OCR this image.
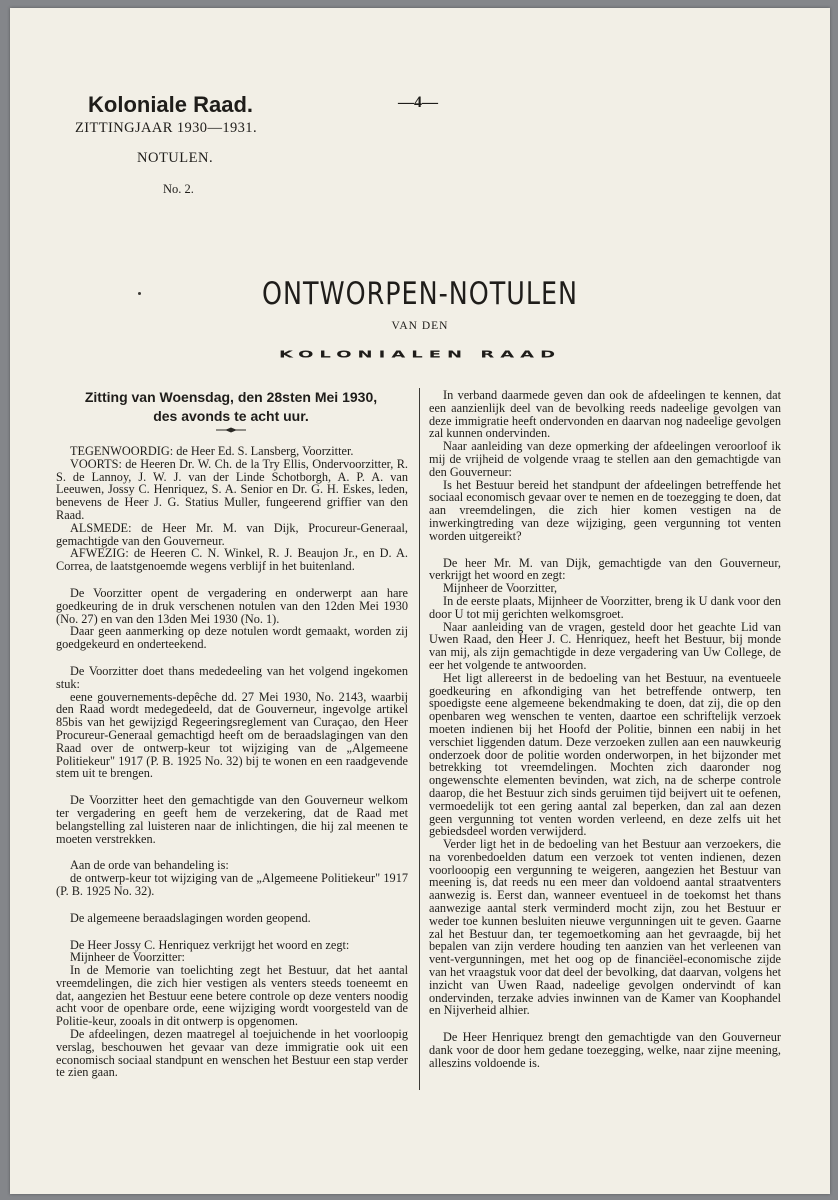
Koloniale Raad.
ZITTINGJAAR 1930—1931.
—4—
NOTULEN.
No. 2.
ONTWORPEN-NOTULEN
VAN DEN
KOLONIALEN RAAD
Zitting van Woensdag, den 28sten Mei 1930,
des avonds te acht uur.

TEGENWOORDIG: de Heer Ed. S. Lansberg, Voorzitter.

VOORTS: de Heeren Dr. W. Ch. de la Try Ellis, Ondervoorzitter, R. S. de Lannoy, J. W. J. van der Linde Schotborgh, A. P. A. van Leeuwen, Jossy C. Henriquez, S. A. Senior en Dr. G. H. Eskes, leden, benevens de Heer J. G. Statius Muller, fungeerend griffier van den Raad.

ALSMEDE: de Heer Mr. M. van Dijk, Procureur-Generaal, gemachtigde van den Gouverneur.

AFWEZIG: de Heeren C. N. Winkel, R. J. Beaujon Jr., en D. A. Correa, de laatstgenoemde wegens verblijf in het buitenland.

De Voorzitter opent de vergadering en onderwerpt aan hare goedkeuring de in druk verschenen notulen van den 12den Mei 1930 (No. 27) en van den 13den Mei 1930 (No. 1).

Daar geen aanmerking op deze notulen wordt gemaakt, worden zij goedgekeurd en onderteekend.

De Voorzitter doet thans mededeeling van het volgend ingekomen stuk:

eene gouvernements-depêche dd. 27 Mei 1930, No. 2143, waarbij den Raad wordt medegedeeld, dat de Gouverneur, ingevolge artikel 85bis van het gewijzigd Regeeringsreglement van Curaçao, den Heer Procureur-Generaal gemachtigd heeft om de beraadslagingen van den Raad over de ontwerp-keur tot wijziging van de „Algemeene Politiekeur" 1917 (P. B. 1925 No. 32) bij te wonen en een raadgevende stem uit te brengen.

De Voorzitter heet den gemachtigde van den Gouverneur welkom ter vergadering en geeft hem de verzekering, dat de Raad met belangstelling zal luisteren naar de inlichtingen, die hij zal meenen te moeten verstrekken.

Aan de orde van behandeling is:

de ontwerp-keur tot wijziging van de „Algemeene Politiekeur" 1917 (P. B. 1925 No. 32).

De algemeene beraadslagingen worden geopend.

De Heer Jossy C. Henriquez verkrijgt het woord en zegt:

Mijnheer de Voorzitter:

In de Memorie van toelichting zegt het Bestuur, dat het aantal vreemdelingen, die zich hier vestigen als venters steeds toeneemt en dat, aangezien het Bestuur eene betere controle op deze venters noodig acht voor de openbare orde, eene wijziging wordt voorgesteld van de Politie-keur, zooals in dit ontwerp is opgenomen.

De afdeelingen, dezen maatregel al toejuichende in het voorloopig verslag, beschouwen het gevaar van deze immigratie ook uit een economisch sociaal standpunt en wenschen het Bestuur een stap verder te zien gaan.

In verband daarmede geven dan ook de afdeelingen te kennen, dat een aanzienlijk deel van de bevolking reeds nadeelige gevolgen van deze immigratie heeft ondervonden en daarvan nog nadeelige gevolgen zal kunnen ondervinden.

Naar aanleiding van deze opmerking der afdeelingen veroorloof ik mij de vrijheid de volgende vraag te stellen aan den gemachtigde van den Gouverneur:

Is het Bestuur bereid het standpunt der afdeelingen betreffende het sociaal economisch gevaar over te nemen en de toezegging te doen, dat aan vreemdelingen, die zich hier komen vestigen na de inwerkingtreding van deze wijziging, geen vergunning tot venten worden uitgereikt?

De heer Mr. M. van Dijk, gemachtigde van den Gouverneur, verkrijgt het woord en zegt:

Mijnheer de Voorzitter,

In de eerste plaats, Mijnheer de Voorzitter, breng ik U dank voor den door U tot mij gerichten welkomsgroet.

Naar aanleiding van de vragen, gesteld door het geachte Lid van Uwen Raad, den Heer J. C. Henriquez, heeft het Bestuur, bij monde van mij, als zijn gemachtigde in deze vergadering van Uw College, de eer het volgende te antwoorden.

Het ligt allereerst in de bedoeling van het Bestuur, na eventueele goedkeuring en afkondiging van het betreffende ontwerp, ten spoedigste eene algemeene bekendmaking te doen, dat zij, die op den openbaren weg wenschen te venten, daartoe een schriftelijk verzoek moeten indienen bij het Hoofd der Politie, binnen een nabij in het verschiet liggenden datum. Deze verzoeken zullen aan een nauwkeurig onderzoek door de politie worden onderworpen, in het bijzonder met betrekking tot vreemdelingen. Mochten zich daaronder nog ongewenschte elementen bevinden, wat zich, na de scherpe controle daarop, die het Bestuur zich sinds geruimen tijd beijvert uit te oefenen, vermoedelijk tot een gering aantal zal beperken, dan zal aan dezen geen vergunning tot venten worden verleend, en deze zelfs uit het gebiedsdeel worden verwijderd.

Verder ligt het in de bedoeling van het Bestuur aan verzoekers, die na vorenbedoelden datum een verzoek tot venten indienen, dezen voorlooopig een vergunning te weigeren, aangezien het Bestuur van meening is, dat reeds nu een meer dan voldoend aantal straatventers aanwezig is. Eerst dan, wanneer eventueel in de toekomst het thans aanwezige aantal sterk verminderd mocht zijn, zou het Bestuur er weder toe kunnen besluiten nieuwe vergunningen uit te geven. Gaarne zal het Bestuur dan, ter tegemoetkoming aan het gevraagde, bij het bepalen van zijn verdere houding ten aanzien van het verleenen van vent-vergunningen, met het oog op de financiëel-economische zijde van het vraagstuk voor dat deel der bevolking, dat daarvan, volgens het inzicht van Uwen Raad, nadeelige gevolgen ondervindt of kan ondervinden, terzake advies inwinnen van de Kamer van Koophandel en Nijverheid alhier.

De Heer Henriquez brengt den gemachtigde van den Gouverneur dank voor de door hem gedane toezegging, welke, naar zijne meening, alleszins voldoende is.
